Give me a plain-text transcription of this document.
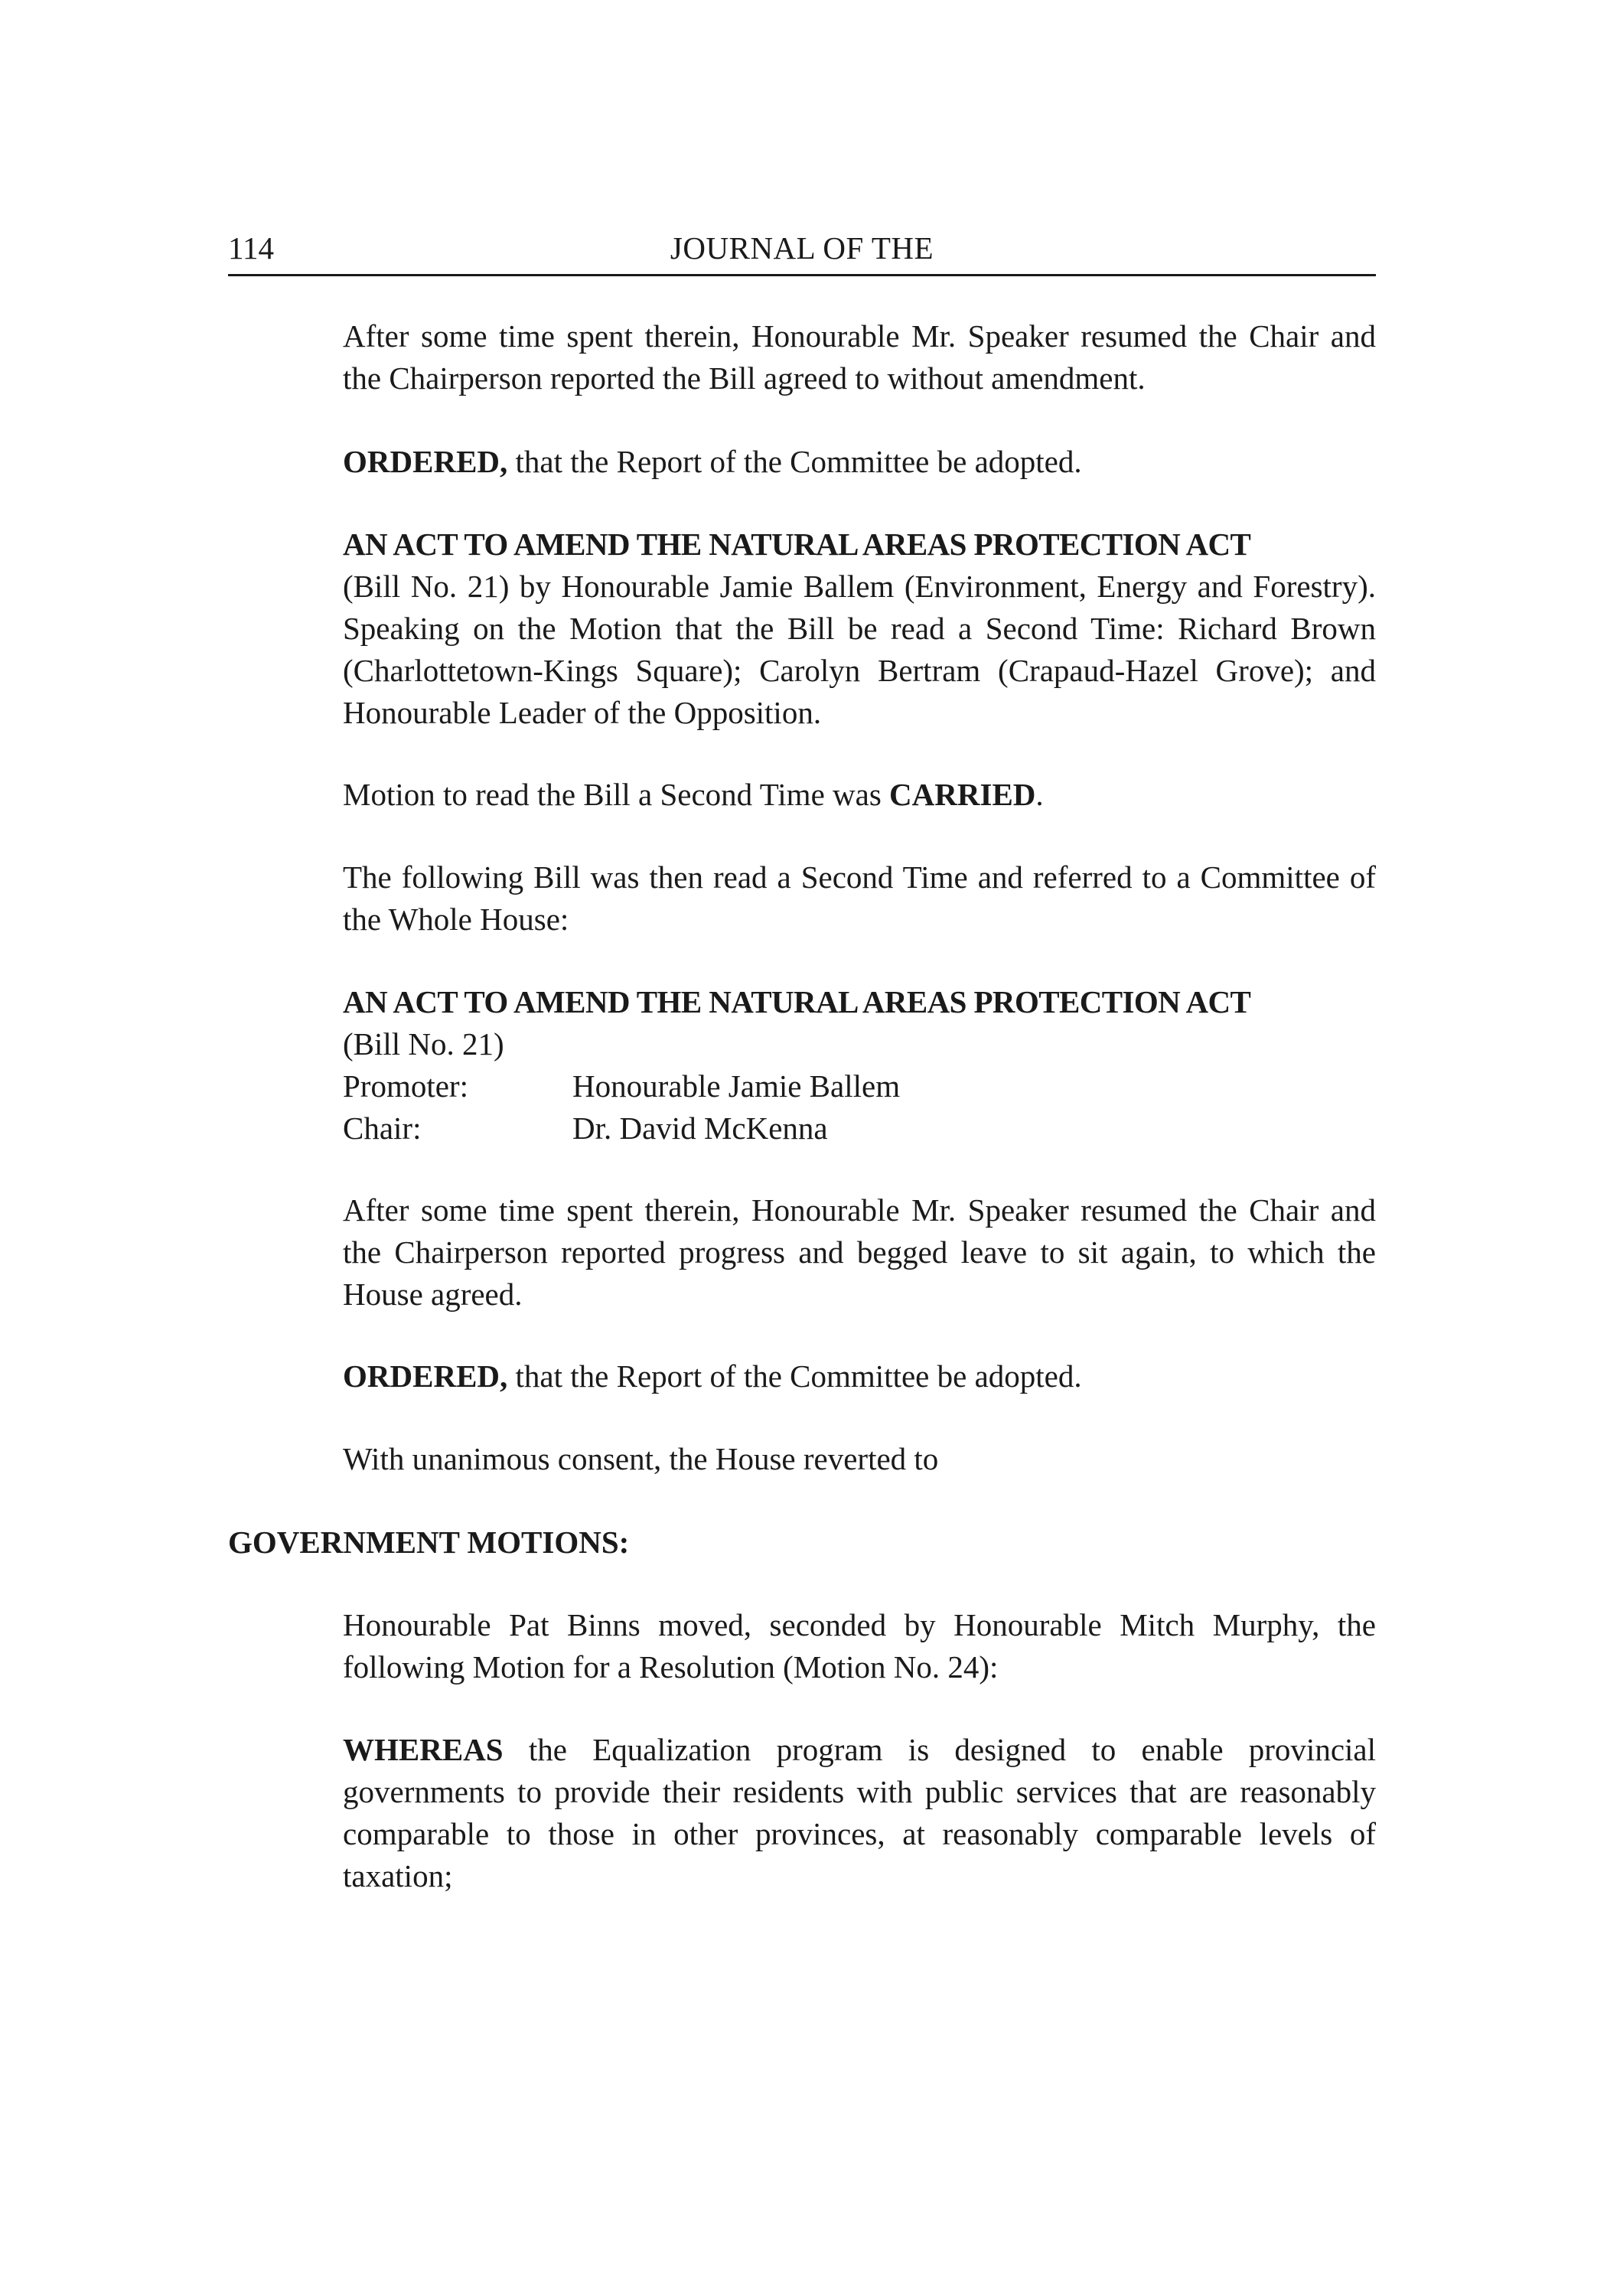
114	JOURNAL OF THE

After some time spent therein, Honourable Mr. Speaker resumed the Chair and the Chairperson reported the Bill agreed to without amendment.

ORDERED, that the Report of the Committee be adopted.

AN ACT TO AMEND THE NATURAL AREAS PROTECTION ACT
(Bill No. 21) by Honourable Jamie Ballem (Environment, Energy and Forestry). Speaking on the Motion that the Bill be read a Second Time: Richard Brown (Charlottetown-Kings Square); Carolyn Bertram (Crapaud-Hazel Grove); and Honourable Leader of the Opposition.

Motion to read the Bill a Second Time was CARRIED.

The following Bill was then read a Second Time and referred to a Committee of the Whole House:

AN ACT TO AMEND THE NATURAL AREAS PROTECTION ACT
(Bill No. 21)
Promoter:	Honourable Jamie Ballem
Chair:	Dr. David McKenna

After some time spent therein, Honourable Mr. Speaker resumed the Chair and the Chairperson reported progress and begged leave to sit again, to which the House agreed.

ORDERED, that the Report of the Committee be adopted.

With unanimous consent, the House reverted to

GOVERNMENT MOTIONS:

Honourable Pat Binns moved, seconded by Honourable Mitch Murphy, the following Motion for a Resolution (Motion No. 24):

WHEREAS the Equalization program is designed to enable provincial governments to provide their residents with public services that are reasonably comparable to those in other provinces, at reasonably comparable levels of taxation;
